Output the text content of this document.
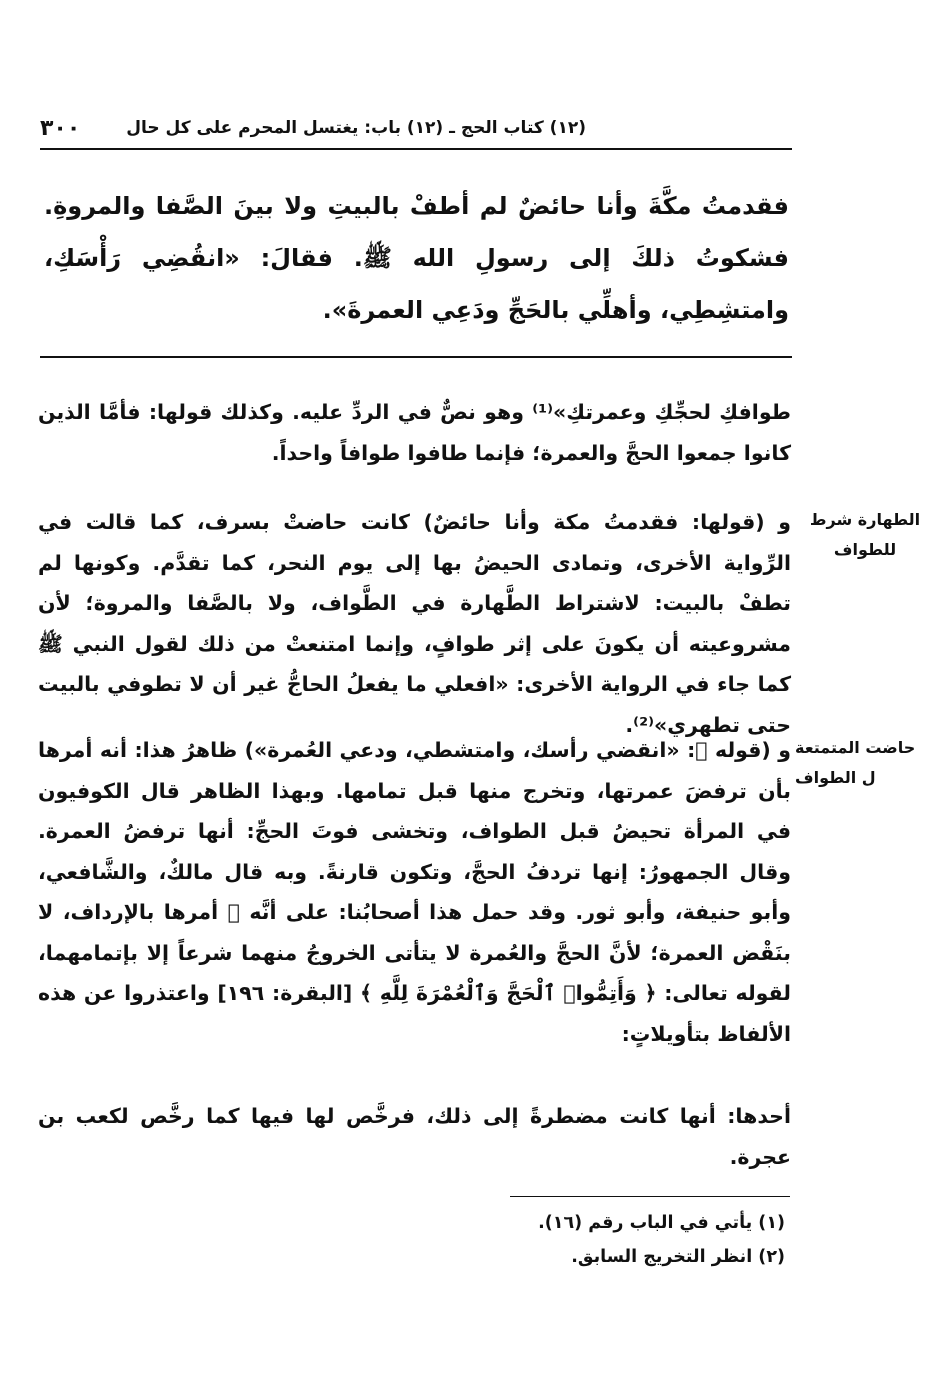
٣٠٠	(١٢) كتاب الحج ـ (١٢) باب: يغتسل المحرم على كل حال
فقدمتُ مكَّةَ وأنا حائضٌ لم أطفْ بالبيتِ ولا بينَ الصَّفا والمروةِ. فشكوتُ ذلكَ إلى رسولِ الله ﷺ. فقالَ: «انقُضِي رَأْسَكِ، وامتشِطِي، وأهلِّي بالحَجِّ ودَعِي العمرةَ».
طوافكِ لحجِّكِ وعمرتكِ»⁽¹⁾ وهو نصٌّ في الردِّ عليه. وكذلك قولها: فأمَّا الذين كانوا جمعوا الحجَّ والعمرة؛ فإنما طافوا طوافاً واحداً.
الطهارة شرط
للطواف
و (قولها: فقدمتُ مكة وأنا حائضٌ) كانت حاضتْ بسرف، كما قالت في الرِّواية الأخرى، وتمادى الحيضُ بها إلى يوم النحر، كما تقدَّم. وكونها لم تطفْ بالبيت: لاشتراط الطَّهارة في الطَّواف، ولا بالصَّفا والمروة؛ لأن مشروعيته أن يكونَ على إثر طوافٍ، وإنما امتنعتْ من ذلك لقول النبي ﷺ كما جاء في الرواية الأخرى: «افعلي ما يفعلُ الحاجُّ غير أن لا تطوفي بالبيت حتى تطهري»⁽²⁾.
حاضت المتمتعة
ل الطواف
و (قوله ﷺ: «انقضي رأسك، وامتشطي، ودعي العُمرة») ظاهرُ هذا: أنه أمرها بأن ترفضَ عمرتها، وتخرج منها قبل تمامها. وبهذا الظاهر قال الكوفيون في المرأة تحيضُ قبل الطواف، وتخشى فوتَ الحجِّ: أنها ترفضُ العمرة. وقال الجمهورُ: إنها تردفُ الحجَّ، وتكون قارنةً. وبه قال مالكٌ، والشَّافعي، وأبو حنيفة، وأبو ثور. وقد حمل هذا أصحابُنا: على أنَّه ﷺ أمرها بالإرداف، لا بنَقْض العمرة؛ لأنَّ الحجَّ والعُمرة لا يتأتى الخروجُ منهما شرعاً إلا بإتمامهما، لقوله تعالى: ﴿ وَأَتِمُّوا۟ ٱلْحَجَّ وَٱلْعُمْرَةَ لِلَّهِ ﴾ [البقرة: ١٩٦] واعتذروا عن هذه الألفاظ بتأويلاتٍ:
أحدها: أنها كانت مضطرةً إلى ذلك، فرخَّص لها فيها كما رخَّص لكعب بن عجرة.
(١) يأتي في الباب رقم (١٦).
(٢) انظر التخريج السابق.
